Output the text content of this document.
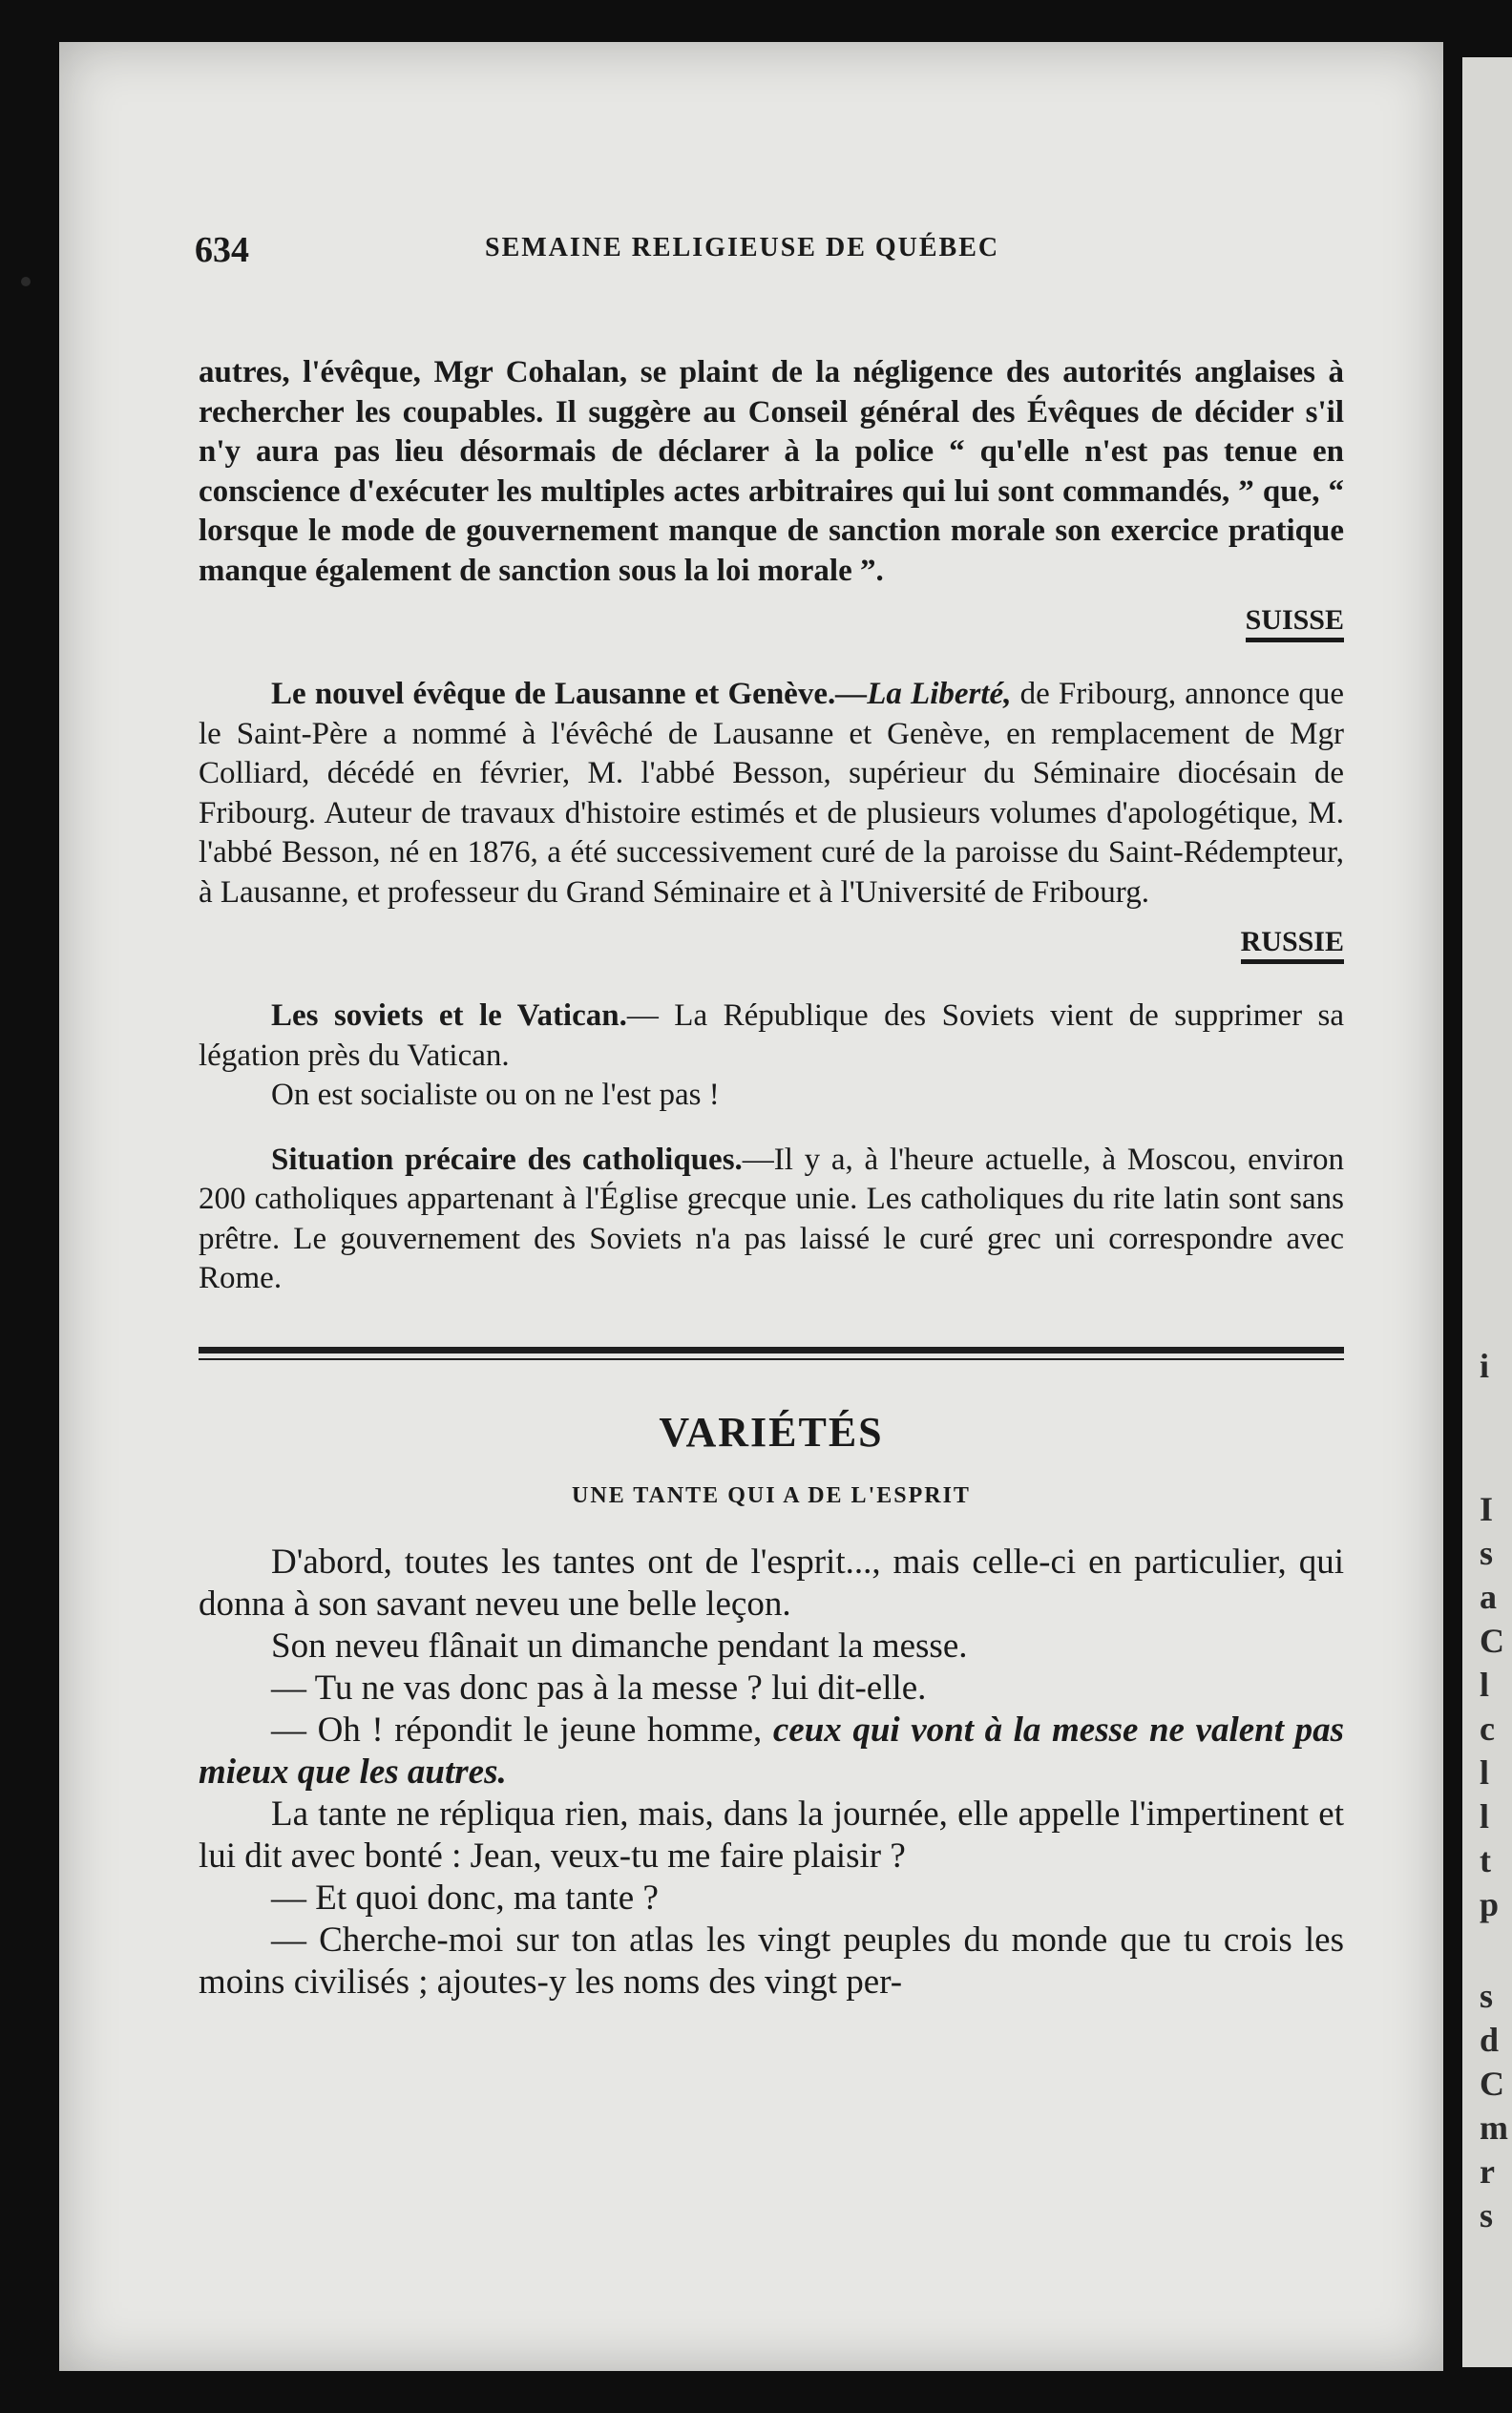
i
I
s
a
C
l
c
l
l
t
p
s
d
C
m
r
s
634	SEMAINE RELIGIEUSE DE QUÉBEC

autres, l'évêque, Mgr Cohalan, se plaint de la négligence des autorités anglaises à rechercher les coupables. Il suggère au Conseil général des Évêques de décider s'il n'y aura pas lieu désormais de déclarer à la police “ qu'elle n'est pas tenue en conscience d'exécuter les multiples actes arbitraires qui lui sont commandés, ” que, “ lorsque le mode de gouvernement manque de sanction morale son exercice pratique manque également de sanction sous la loi morale ”.

SUISSE

Le nouvel évêque de Lausanne et Genève.—La Liberté, de Fribourg, annonce que le Saint-Père a nommé à l'évêché de Lausanne et Genève, en remplacement de Mgr Colliard, décédé en février, M. l'abbé Besson, supérieur du Séminaire diocésain de Fribourg. Auteur de travaux d'histoire estimés et de plusieurs volumes d'apologétique, M. l'abbé Besson, né en 1876, a été successivement curé de la paroisse du Saint-Rédempteur, à Lausanne, et professeur du Grand Séminaire et à l'Université de Fribourg.

RUSSIE

Les soviets et le Vatican.— La République des Soviets vient de supprimer sa légation près du Vatican.

On est socialiste ou on ne l'est pas !

Situation précaire des catholiques.—Il y a, à l'heure actuelle, à Moscou, environ 200 catholiques appartenant à l'Église grecque unie. Les catholiques du rite latin sont sans prêtre. Le gouvernement des Soviets n'a pas laissé le curé grec uni correspondre avec Rome.

VARIÉTÉS
UNE TANTE QUI A DE L'ESPRIT

D'abord, toutes les tantes ont de l'esprit..., mais celle-ci en particulier, qui donna à son savant neveu une belle leçon.

Son neveu flânait un dimanche pendant la messe.

— Tu ne vas donc pas à la messe ? lui dit-elle.

— Oh ! répondit le jeune homme, ceux qui vont à la messe ne valent pas mieux que les autres.

La tante ne répliqua rien, mais, dans la journée, elle appelle l'impertinent et lui dit avec bonté : Jean, veux-tu me faire plaisir ?

— Et quoi donc, ma tante ?

— Cherche-moi sur ton atlas les vingt peuples du monde que tu crois les moins civilisés ; ajoutes-y les noms des vingt per-
